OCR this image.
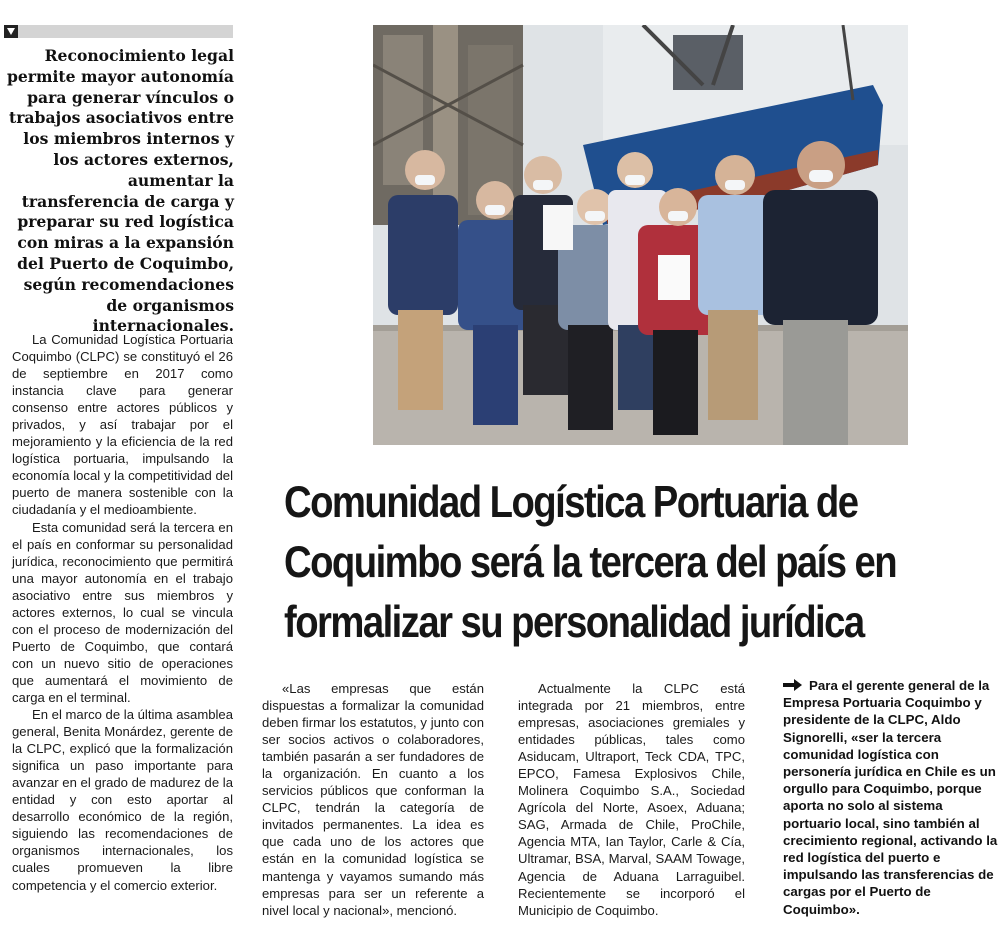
Reconocimiento legal permite mayor autonomía para generar vínculos o trabajos asociativos entre los miembros internos y los actores externos, aumentar la transferencia de carga y preparar su red logística con miras a la expansión del Puerto de Coquimbo, según recomendaciones de organismos internacionales.

La Comunidad Logística Portuaria Coquimbo (CLPC) se constituyó el 26 de septiembre en 2017 como instancia clave para generar consenso entre actores públicos y privados, y así trabajar por el mejoramiento y la eficiencia de la red logística portuaria, impulsando la economía local y la competitividad del puerto de manera sostenible con la ciudadanía y el medioambiente.

Esta comunidad será la tercera en el país en conformar su personalidad jurídica, reconocimiento que permitirá una mayor autonomía en el trabajo asociativo entre sus miembros y actores externos, lo cual se vincula con el proceso de modernización del Puerto de Coquimbo, que contará con un nuevo sitio de operaciones que aumentará el movimiento de carga en el terminal.

En el marco de la última asamblea general, Benita Monárdez, gerente de la CLPC, explicó que la formalización significa un paso importante para avanzar en el grado de madurez de la entidad y con esto aportar al desarrollo económico de la región, siguiendo las recomendaciones de organismos internacionales, los cuales promueven la libre competencia y el comercio exterior.

Comunidad Logística Portuaria de
Coquimbo será la tercera del país en
formalizar su personalidad jurídica

«Las empresas que están dispuestas a formalizar la comunidad deben firmar los estatutos, y junto con ser socios activos o colaboradores, también pasarán a ser fundadores de la organización. En cuanto a los servicios públicos que conforman la CLPC, tendrán la categoría de invitados permanentes. La idea es que cada uno de los actores que están en la comunidad logística se mantenga y vayamos sumando más empresas para ser un referente a nivel local y nacional», mencionó.

Actualmente la CLPC está integrada por 21 miembros, entre empresas, asociaciones gremiales y entidades públicas, tales como Asiducam, Ultraport, Teck CDA, TPC, EPCO, Famesa Explosivos Chile, Molinera Coquimbo S.A., Sociedad Agrícola del Norte, Asoex, Aduana; SAG, Armada de Chile, ProChile, Agencia MTA, Ian Taylor, Carle & Cía, Ultramar, BSA, Marval, SAAM Towage, Agencia de Aduana Larraguibel. Recientemente se incorporó el Municipio de Coquimbo.

Para el gerente general de la Empresa Portuaria Coquimbo y presidente de la CLPC, Aldo Signorelli, «ser la tercera comunidad logística con personería jurídica en Chile es un orgullo para Coquimbo, porque aporta no solo al sistema portuario local, sino también al crecimiento regional, activando la red logística del puerto e impulsando las transferencias de cargas por el Puerto de Coquimbo».
